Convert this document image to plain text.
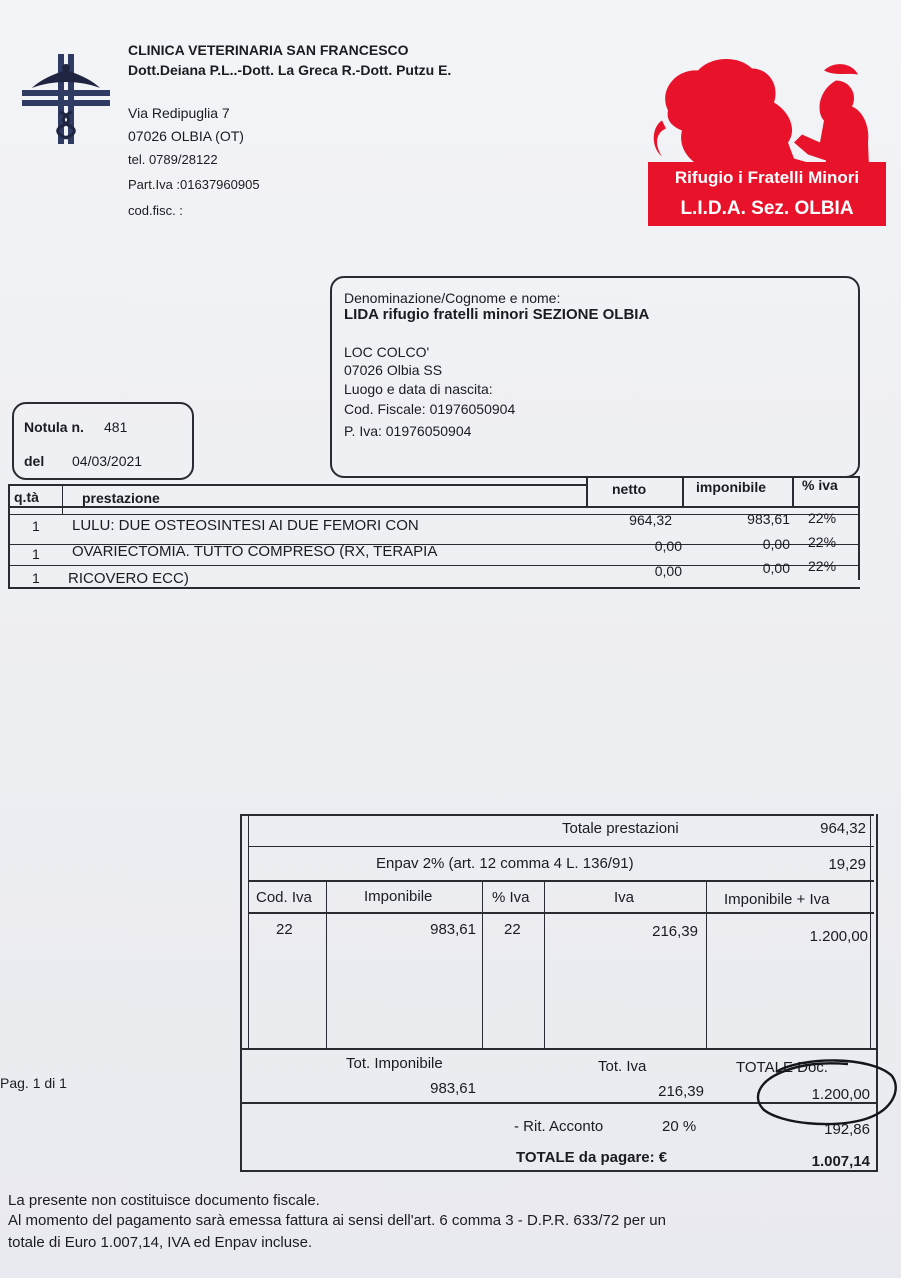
CLINICA VETERINARIA SAN FRANCESCO
Dott.Deiana P.L..-Dott. La Greca R.-Dott. Putzu E.
Via Redipuglia 7
07026 OLBIA (OT)
tel. 0789/28122
Part.Iva :01637960905
cod.fisc. :
Rifugio i Fratelli Minori
L.I.D.A. Sez. OLBIA
Denominazione/Cognome e nome:
LIDA rifugio fratelli minori SEZIONE OLBIA
LOC COLCO'
07026 Olbia SS
Luogo e data di nascita:
Cod. Fiscale: 01976050904
P. Iva: 01976050904
Notula n. 481
del 04/03/2021
q.tà	prestazione
netto	imponibile	% iva
1 LULU: DUE OSTEOSINTESI AI DUE FEMORI CON	964,32	983,61 22%
1 OVARIECTOMIA. TUTTO COMPRESO (RX, TERAPIA	0,00	0,00 22%
1 RICOVERO ECC)	0,00	0,00 22%
Totale prestazioni	964,32
Enpav 2% (art. 12 comma 4 L. 136/91)	19,29
Cod. Iva	Imponibile	% Iva	Iva	Imponibile + Iva
22	983,61 22	216,39	1.200,00
Tot. Imponibile
983,61
Tot. Iva
216,39
TOTALE Doc.
1.200,00
- Rit. Acconto	20 %	192,86
TOTALE da pagare: €	1.007,14
Pag. 1 di 1
La presente non costituisce documento fiscale.
Al momento del pagamento sarà emessa fattura ai sensi dell'art. 6 comma 3 - D.P.R. 633/72 per un
totale di Euro 1.007,14, IVA ed Enpav incluse.
